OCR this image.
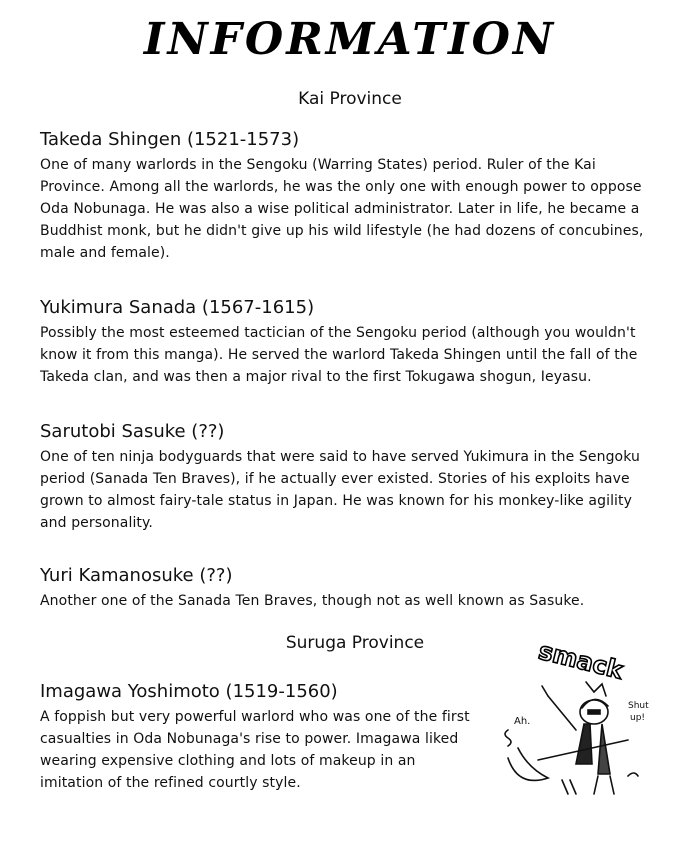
INFORMATION
Kai Province

Takeda Shingen (1521-1573)

One of many warlords in the Sengoku (Warring States) period. Ruler of the Kai

Province. Among all the warlords, he was the only one with enough power to oppose

Oda Nobunaga. He was also a wise political administrator. Later in life, he became a

Buddhist monk, but he didn't give up his wild lifestyle (he had dozens of concubines,

male and female).

Yukimura Sanada (1567-1615)

Possibly the most esteemed tactician of the Sengoku period (although you wouldn't

know it from this manga). He served the warlord Takeda Shingen until the fall of the

Takeda clan, and was then a major rival to the first Tokugawa shogun, Ieyasu.

Sarutobi Sasuke (??)

One of ten ninja bodyguards that were said to have served Yukimura in the Sengoku

period (Sanada Ten Braves), if he actually ever existed. Stories of his exploits have

grown to almost fairy-tale status in Japan. He was known for his monkey-like agility

and personality.

Yuri Kamanosuke (??)

Another one of the Sanada Ten Braves, though not as well known as Sasuke.

Suruga Province

Imagawa Yoshimoto (1519-1560)

A foppish but very powerful warlord who was one of the first

casualties in Oda Nobunaga's rise to power. Imagawa liked

wearing expensive clothing and lots of makeup in an

imitation of the refined courtly style.

smack
Ah.
Shut
up!
